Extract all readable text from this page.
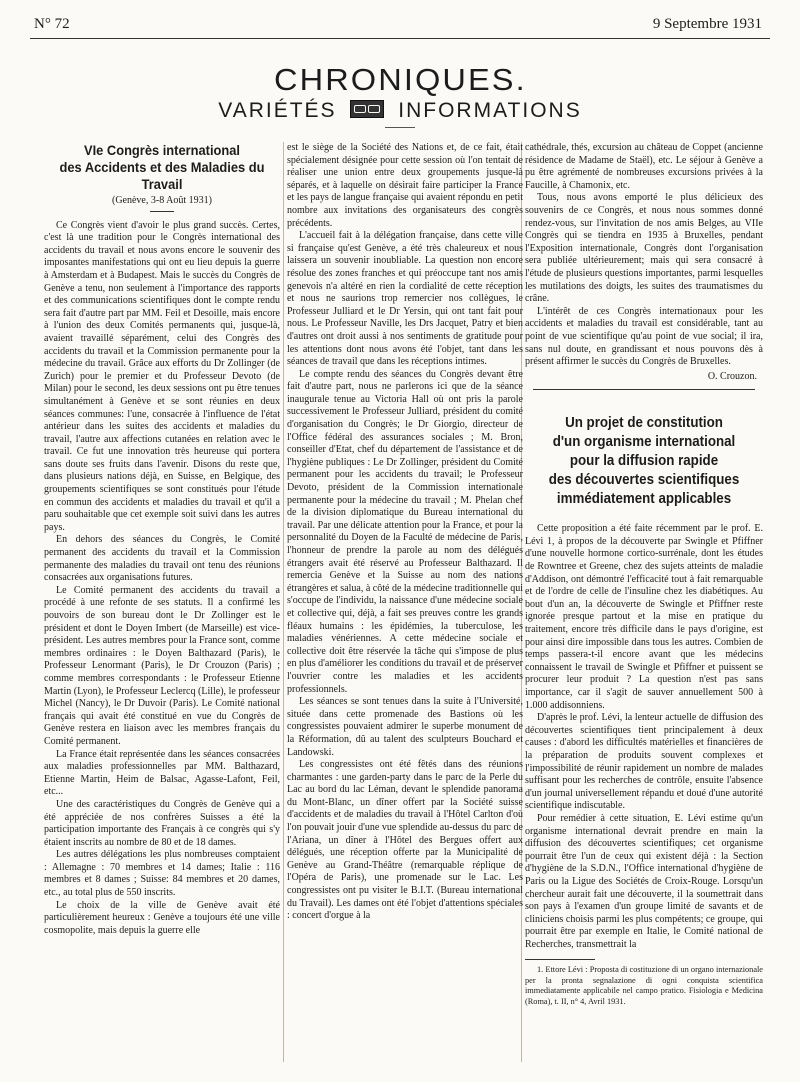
N° 72	9 Septembre 1931
CHRONIQUES.
VARIÉTÉS	INFORMATIONS
VIe Congrès international
des Accidents et des Maladies du Travail
(Genève, 3-8 Août 1931)

Ce Congrès vient d'avoir le plus grand succès. Certes, c'est là une tradition pour le Congrès international des accidents du travail et nous avons encore le souvenir des imposantes manifestations qui ont eu lieu depuis la guerre à Amsterdam et à Budapest. Mais le succès du Congrès de Genève a tenu, non seulement à l'importance des rapports et des communications scientifiques dont le compte rendu sera fait d'autre part par MM. Feil et Desoille, mais encore à l'union des deux Comités permanents qui, jusque-là, avaient travaillé séparément, celui des Congrès des accidents du travail et la Commission permanente pour la médecine du travail. Grâce aux efforts du Dr Zollinger (de Zurich) pour le premier et du Professeur Devoto (de Milan) pour le second, les deux sessions ont pu être tenues simultanément à Genève et se sont réunies en deux séances communes: l'une, consacrée à l'influence de l'état antérieur dans les suites des accidents et maladies du travail, l'autre aux affections cutanées en relation avec le travail. Ce fut une innovation très heureuse qui portera sans doute ses fruits dans l'avenir. Disons du reste que, dans plusieurs nations déjà, en Suisse, en Belgique, des groupements scientifiques se sont constitués pour l'étude en commun des accidents et maladies du travail et qu'il a paru souhaitable que cet exemple soit suivi dans les autres pays.

En dehors des séances du Congrès, le Comité permanent des accidents du travail et la Commission permanente des maladies du travail ont tenu des réunions consacrées aux organisations futures.

Le Comité permanent des accidents du travail a procédé à une refonte de ses statuts. Il a confirmé les pouvoirs de son bureau dont le Dr Zollinger est le président et dont le Doyen Imbert (de Marseille) est vice-président. Les autres membres pour la France sont, comme membres ordinaires : le Doyen Balthazard (Paris), le Professeur Lenormant (Paris), le Dr Crouzon (Paris) ; comme membres correspondants : le Professeur Etienne Martin (Lyon), le Professeur Leclercq (Lille), le professeur Michel (Nancy), le Dr Duvoir (Paris). Le Comité national français qui avait été constitué en vue du Congrès de Genève restera en liaison avec les membres français du Comité permanent.

La France était représentée dans les séances consacrées aux maladies professionnelles par MM. Balthazard, Etienne Martin, Heim de Balsac, Agasse-Lafont, Feil, etc...

Une des caractéristiques du Congrès de Genève qui a été appréciée de nos confrères Suisses a été la participation importante des Français à ce congrès qui s'y étaient inscrits au nombre de 80 et de 18 dames.

Les autres délégations les plus nombreuses comptaient : Allemagne : 70 membres et 14 dames; Italie : 116 membres et 8 dames ; Suisse: 84 membres et 20 dames, etc., au total plus de 550 inscrits.

Le choix de la ville de Genève avait été particulièrement heureux : Genève a toujours été une ville cosmopolite, mais depuis la guerre elle

est le siège de la Société des Nations et, de ce fait, était spécialement désignée pour cette session où l'on tentait de réaliser une union entre deux groupements jusque-là séparés, et à laquelle on désirait faire participer la France et les pays de langue française qui avaient répondu en petit nombre aux invitations des organisateurs des congrès précédents.

L'accueil fait à la délégation française, dans cette ville si française qu'est Genève, a été très chaleureux et nous laissera un souvenir inoubliable. La question non encore résolue des zones franches et qui préoccupe tant nos amis genevois n'a altéré en rien la cordialité de cette réception et nous ne saurions trop remercier nos collègues, le Professeur Julliard et le Dr Yersin, qui ont tant fait pour nous. Le Professeur Naville, les Drs Jacquet, Patry et bien d'autres ont droit aussi à nos sentiments de gratitude pour les attentions dont nous avons été l'objet, tant dans les séances de travail que dans les réceptions intimes.

Le compte rendu des séances du Congrès devant être fait d'autre part, nous ne parlerons ici que de la séance inaugurale tenue au Victoria Hall où ont pris la parole successivement le Professeur Julliard, président du comité d'organisation du Congrès; le Dr Giorgio, directeur de l'Office fédéral des assurances sociales ; M. Bron, conseiller d'Etat, chef du département de l'assistance et de l'hygiène publiques : Le Dr Zollinger, président du Comité permanent pour les accidents du travail; le Professeur Devoto, président de la Commission internationale permanente pour la médecine du travail ; M. Phelan chef de la division diplomatique du Bureau international du travail. Par une délicate attention pour la France, et pour la personnalité du Doyen de la Faculté de médecine de Paris, l'honneur de prendre la parole au nom des délégués étrangers avait été réservé au Professeur Balthazard. Il remercia Genève et la Suisse au nom des nations étrangères et salua, à côté de la médecine traditionnelle qui s'occupe de l'individu, la naissance d'une médecine sociale et collective qui, déjà, a fait ses preuves contre les grands fléaux humains : les épidémies, la tuberculose, les maladies vénériennes. A cette médecine sociale et collective doit être réservée la tâche qui s'impose de plus en plus d'améliorer les conditions du travail et de préserver l'ouvrier contre les maladies et les accidents professionnels.

Les séances se sont tenues dans la suite à l'Université, située dans cette promenade des Bastions où les congressistes pouvaient admirer le superbe monument de la Réformation, dû au talent des sculpteurs Bouchard et Landowski.

Les congressistes ont été fêtés dans des réunions charmantes : une garden-party dans le parc de la Perle du Lac au bord du lac Léman, devant le splendide panorama du Mont-Blanc, un dîner offert par la Société suisse d'accidents et de maladies du travail à l'Hôtel Carlton d'où l'on pouvait jouir d'une vue splendide au-dessus du parc de l'Ariana, un dîner à l'Hôtel des Bergues offert aux délégués, une réception offerte par la Municipalité de Genève au Grand-Théâtre (remarquable réplique de l'Opéra de Paris), une promenade sur le Lac. Les congressistes ont pu visiter le B.I.T. (Bureau international du Travail). Les dames ont été l'objet d'attentions spéciales : concert d'orgue à la

cathédrale, thés, excursion au château de Coppet (ancienne résidence de Madame de Staël), etc. Le séjour à Genève a pu être agrémenté de nombreuses excursions privées à la Faucille, à Chamonix, etc.

Tous, nous avons emporté le plus délicieux des souvenirs de ce Congrès, et nous nous sommes donné rendez-vous, sur l'invitation de nos amis Belges, au VIIe Congrès qui se tiendra en 1935 à Bruxelles, pendant l'Exposition internationale, Congrès dont l'organisation sera publiée ultérieurement; mais qui sera consacré à l'étude de plusieurs questions importantes, parmi lesquelles les mutilations des doigts, les suites des traumatismes du crâne.

L'intérêt de ces Congrès internationaux pour les accidents et maladies du travail est considérable, tant au point de vue scientifique qu'au point de vue social; il ira, sans nul doute, en grandissant et nous pouvons dès à présent affirmer le succès du Congrès de Bruxelles.

O. Crouzon.
Un projet de constitution
d'un organisme international
pour la diffusion rapide
des découvertes scientifiques
immédiatement applicables

Cette proposition a été faite récemment par le prof. E. Lévi 1, à propos de la découverte par Swingle et Pfiffner d'une nouvelle hormone cortico-surrénale, dont les études de Rowntree et Greene, chez des sujets atteints de maladie d'Addison, ont démontré l'efficacité tout à fait remarquable et de l'ordre de celle de l'insuline chez les diabétiques. Au bout d'un an, la découverte de Swingle et Pfiffner reste ignorée presque partout et la mise en pratique du traitement, encore très difficile dans le pays d'origine, est pour ainsi dire impossible dans tous les autres. Combien de temps passera-t-il encore avant que les médecins connaissent le travail de Swingle et Pfiffner et puissent se procurer leur produit ? La question n'est pas sans importance, car il s'agit de sauver annuellement 500 à 1.000 addisonniens.

D'après le prof. Lévi, la lenteur actuelle de diffusion des découvertes scientifiques tient principalement à deux causes : d'abord les difficultés matérielles et financières de la préparation de produits souvent complexes et l'impossibilité de réunir rapidement un nombre de malades suffisant pour les recherches de contrôle, ensuite l'absence d'un journal universellement répandu et doué d'une autorité scientifique indiscutable.

Pour remédier à cette situation, E. Lévi estime qu'un organisme international devrait prendre en main la diffusion des découvertes scientifiques; cet organisme pourrait être l'un de ceux qui existent déjà : la Section d'hygiène de la S.D.N., l'Office international d'hygiène de Paris ou la Ligue des Sociétés de Croix-Rouge. Lorsqu'un chercheur aurait fait une découverte, il la soumettrait dans son pays à l'examen d'un groupe limité de savants et de cliniciens choisis parmi les plus compétents; ce groupe, qui pourrait être par exemple en Italie, le Comité national de Recherches, transmettrait la

1. Ettore Lévi : Proposta di costituzione di un organo internazionale per la pronta segnalazione di ogni conquista scientifica immediatamente applicabile nel campo pratico. Fisiologia e Medicina (Roma), t. II, n° 4, Avril 1931.
